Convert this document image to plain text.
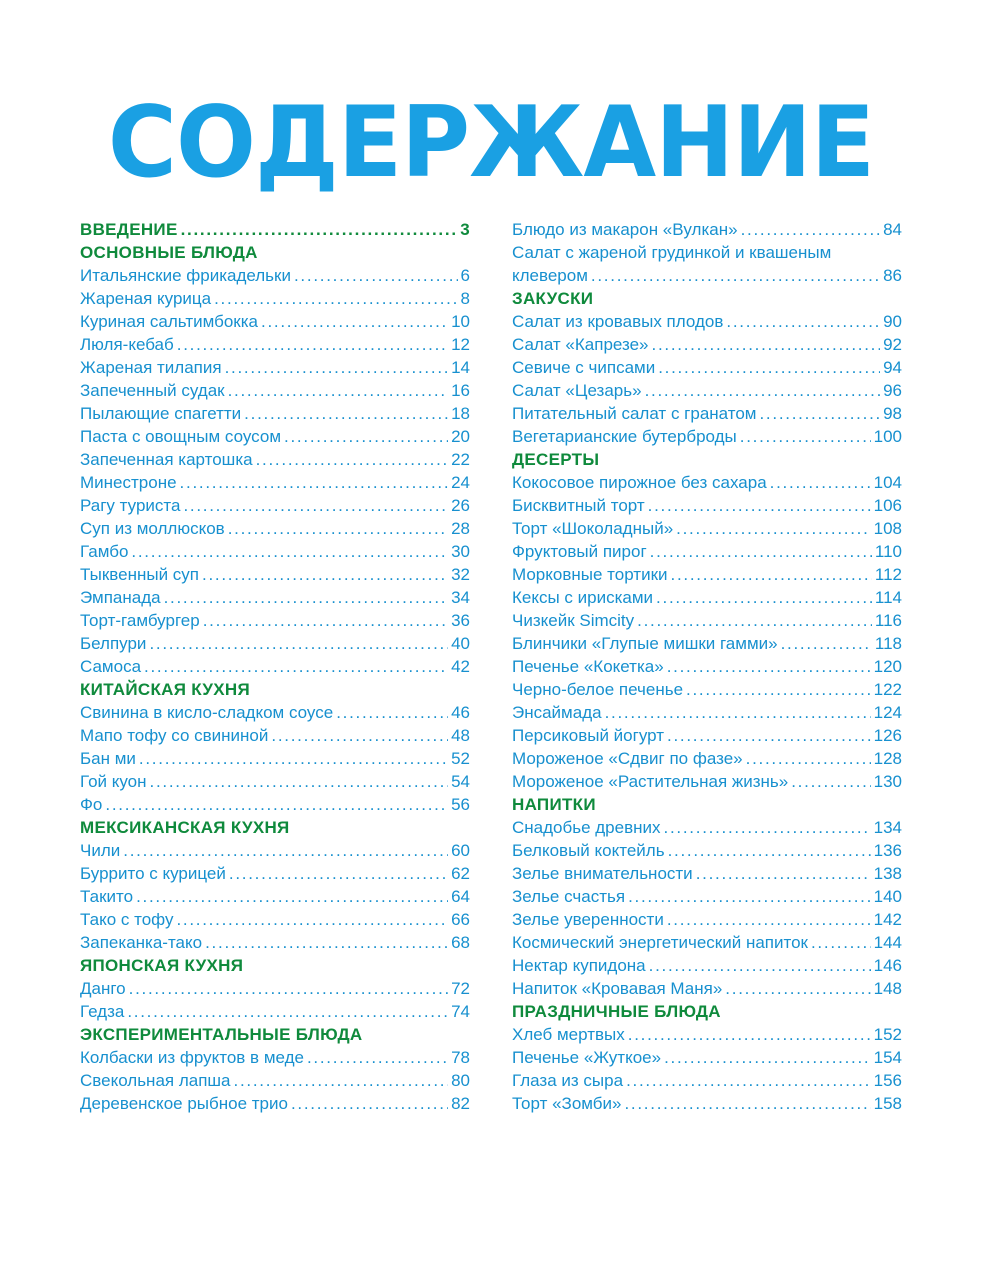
СОДЕРЖАНИЕ
ВВЕДЕНИЕ . . .	3
ОСНОВНЫЕ БЛЮДА
Итальянские фрикадельки . . .	6
Жареная курица . . .	8
Куриная сальтимбокка . . .	10
Люля-кебаб . . .	12
Жареная тилапия . . .	14
Запеченный судак . . .	16
Пылающие спагетти . . .	18
Паста с овощным соусом . . .	20
Запеченная картошка . . .	22
Минестроне . . .	24
Рагу туриста . . .	26
Суп из моллюсков . . .	28
Гамбо . . .	30
Тыквенный суп . . .	32
Эмпанада . . .	34
Торт-гамбургер . . .	36
Белпури . . .	40
Самоса . . .	42
КИТАЙСКАЯ КУХНЯ
Свинина в кисло-сладком соусе . . .	46
Мапо тофу со свининой . . .	48
Бан ми . . .	52
Гой куон . . .	54
Фо . . .	56
МЕКСИКАНСКАЯ КУХНЯ
Чили . . .	60
Буррито с курицей . . .	62
Такито . . .	64
Тако с тофу . . .	66
Запеканка-тако . . .	68
ЯПОНСКАЯ КУХНЯ
Данго . . .	72
Гедза . . .	74
ЭКСПЕРИМЕНТАЛЬНЫЕ БЛЮДА
Колбаски из фруктов в меде . . .	78
Свекольная лапша . . .	80
Деревенское рыбное трио . . .	82
Блюдо из макарон «Вулкан» . . .	84
Салат с жареной грудинкой и квашеным
клевером . . .	86
ЗАКУСКИ
Салат из кровавых плодов . . .	90
Салат «Капрезе» . . .	92
Севиче с чипсами . . .	94
Салат «Цезарь» . . .	96
Питательный салат с гранатом . . .	98
Вегетарианские бутерброды . . .	100
ДЕСЕРТЫ
Кокосовое пирожное без сахара . . .	104
Бисквитный торт . . .	106
Торт «Шоколадный» . . .	108
Фруктовый пирог . . .	110
Морковные тортики . . .	112
Кексы с ирисками . . .	114
Чизкейк Simcity . . .	116
Блинчики «Глупые мишки гамми» . . .	118
Печенье «Кокетка» . . .	120
Черно-белое печенье . . .	122
Энсаймада . . .	124
Персиковый йогурт . . .	126
Мороженое «Сдвиг по фазе» . . .	128
Мороженое «Растительная жизнь» . . .	130
НАПИТКИ
Снадобье древних . . .	134
Белковый коктейль . . .	136
Зелье внимательности . . .	138
Зелье счастья . . .	140
Зелье уверенности . . .	142
Космический энергетический напиток . . .	144
Нектар купидона . . .	146
Напиток «Кровавая Маня» . . .	148
ПРАЗДНИЧНЫЕ БЛЮДА
Хлеб мертвых . . .	152
Печенье «Жуткое» . . .	154
Глаза из сыра . . .	156
Торт «Зомби» . . .	158
